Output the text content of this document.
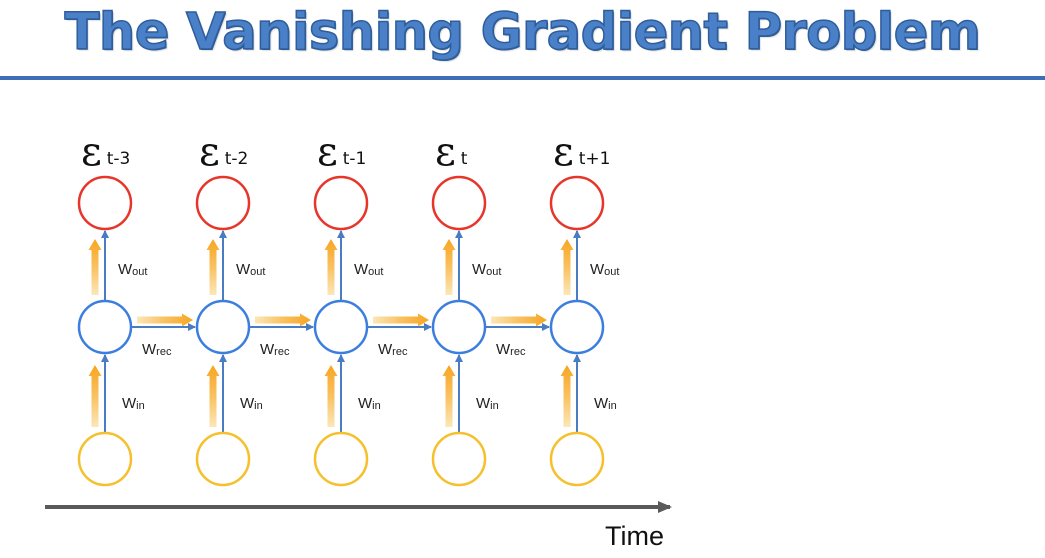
The Vanishing Gradient Problem
εt-3
Wout
Win
Wrec
εt-2
Wout
Win
Wrec
εt-1
Wout
Win
Wrec
εt
Wout
Win
Wrec
εt+1
Wout
Win
Time
